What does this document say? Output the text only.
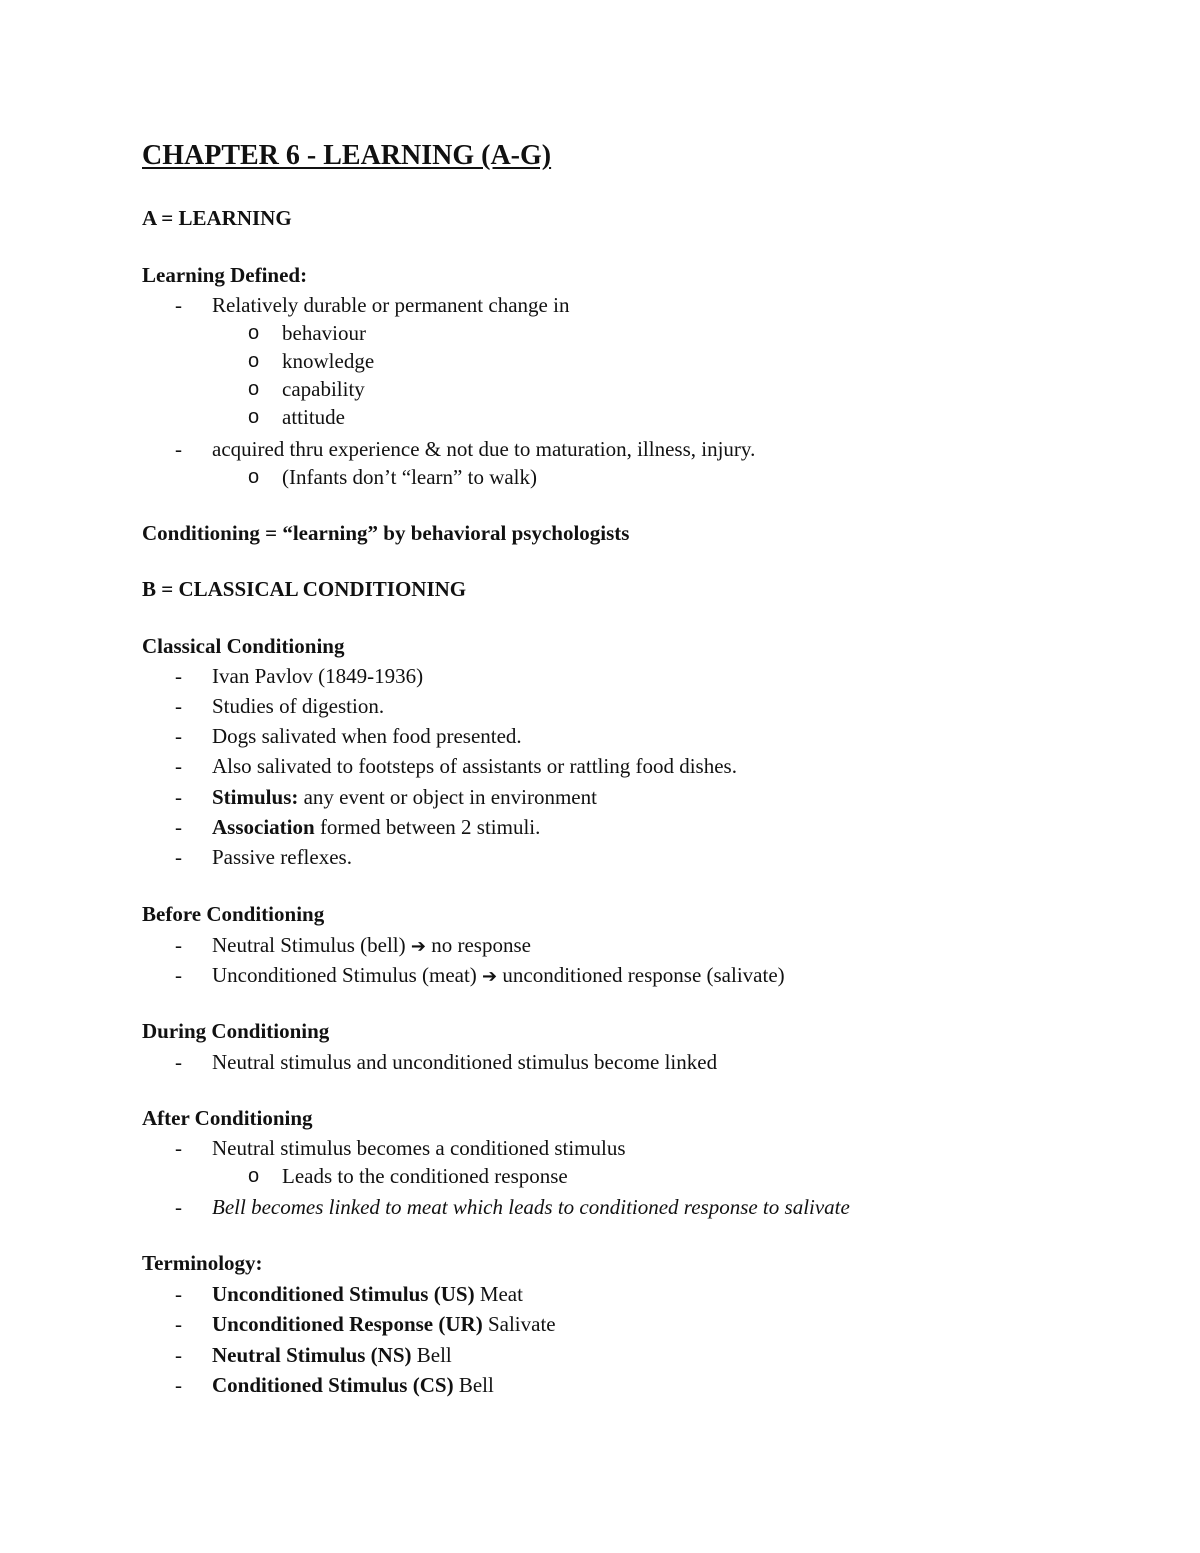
CHAPTER 6 - LEARNING (A-G)
A = LEARNING
Learning Defined:
-	Relatively durable or permanent change in
o behaviour
o knowledge
o capability
o attitude
-	acquired thru experience & not due to maturation, illness, injury.
o (Infants don’t “learn” to walk)
Conditioning = “learning” by behavioral psychologists
B = CLASSICAL CONDITIONING
Classical Conditioning
-	Ivan Pavlov (1849-1936)
-	Studies of digestion.
-	Dogs salivated when food presented.
-	Also salivated to footsteps of assistants or rattling food dishes.
-	Stimulus: any event or object in environment
-	Association formed between 2 stimuli.
-	Passive reflexes.
Before Conditioning
-	Neutral Stimulus (bell) ➔ no response
-	Unconditioned Stimulus (meat) ➔ unconditioned response (salivate)
During Conditioning
-	Neutral stimulus and unconditioned stimulus become linked
After Conditioning
-	Neutral stimulus becomes a conditioned stimulus
o Leads to the conditioned response
-	Bell becomes linked to meat which leads to conditioned response to salivate
Terminology:
-	Unconditioned Stimulus (US) Meat
-	Unconditioned Response (UR) Salivate
-	Neutral Stimulus (NS) Bell
-	Conditioned Stimulus (CS) Bell
